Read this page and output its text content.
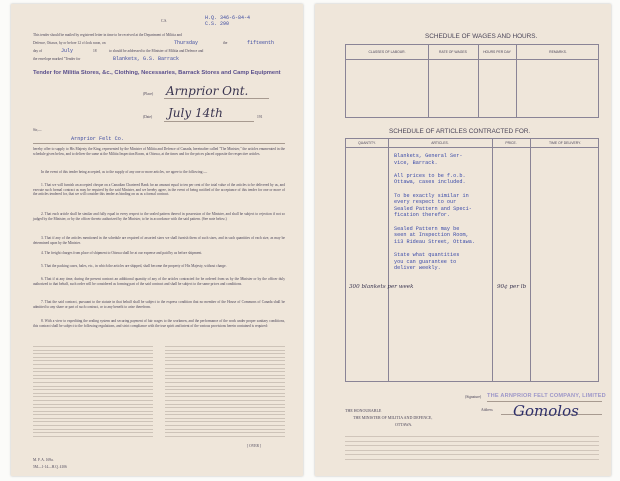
C.S.	H.Q. 346-6-84-4
C.S. 290
This tender should be mailed by registered letter in time to be received at the Department of Militia and
Defence, Ottawa, by or before 12 o'clock noon, on	Thursday	the	fifteenth
day of	July	18	to should be addressed to the Minister of Militia and Defence and
the envelope marked "Tender for	Blankets, G.S. Barrack
Tender for Militia Stores, &c., Clothing, Necessaries, Barrack Stores and Camp Equipment
(Place) Arnprior Ont.
(Date) July 14th	191
Sir,—
Arnprior Felt Co.

hereby offer to supply to His Majesty the King, represented by the Minister of Militia and Defence of Canada, hereinafter called "The Minister," the articles enumerated in the schedule given below, and to deliver the same at the Militia Inspection Room, at Ottawa, at the times and for the prices placed opposite the respective articles.

In the event of this tender being accepted, as to the supply of any one or more articles, we agree to the following:—

1. That we will furnish an accepted cheque on a Canadian Chartered Bank for an amount equal to ten per cent of the total value of the articles to be delivered by us, and execute such formal contract as may be required by the said Minister, and we hereby agree, in the event of being notified of the acceptance of this tender for one or more of the articles tendered for, that we will consider this tender as binding on us as a formal contract.

2. That each article shall be similar and fully equal in every respect to the sealed pattern thereof in possession of the Minister, and shall be subject to rejection if not so judged by the Minister, or by the officer thereto authorized by the Minister, to be in accordance with the said pattern. (See note below.)

3. That if any of the articles mentioned in the schedule are required of assorted sizes we shall furnish them of such sizes, and in such quantities of each size, as may be determined upon by the Minister.

4. The freight charges from place of shipment to Ottawa shall be at our expense and paid by us before shipment.

5. That the packing cases, bales, etc., in which the articles are shipped, shall become the property of His Majesty, without charge.

6. That if at any time, during the present contract an additional quantity of any of the articles contracted for be ordered from us by the Minister or by the officer duly authorized to that behalf, such order will be considered as forming part of the said contract and shall be subject to the same prices and conditions.

7. That the said contract, pursuant to the statute in that behalf shall be subject to the express condition that no member of the House of Commons of Canada shall be admitted to any share or part of such contract, or to any benefit to arise therefrom.

8. With a view to expediting the sealing system and securing payment of fair wages to the workmen, and the performance of the work under proper sanitary conditions, this contract shall be subject to the following regulations, and strict compliance with the true spirit and intent of the various provisions herein contained is required:

[ OVER ]
M. F. A. 169a.
5M—1-14—H.Q. 4106
SCHEDULE OF WAGES AND HOURS.
CLASSES OF LABOUR.	RATE OF WAGES	HOURS PER DAY	REMARKS.
SCHEDULE OF ARTICLES CONTRACTED FOR.
QUANTITY.	ARTICLES.	PRICE.	TIME OF DELIVERY.
Blankets, General Ser-
vice, Barrack.

All prices to be f.o.b.
Ottawa, cases included.

To be exactly similar in
every respect to our
Sealed Pattern and Speci-
fication therefor.

Sealed Pattern may be
seen at Inspection Room,
113 Rideau Street, Ottawa.

State what quantities
you can guarantee to
deliver weekly.
300 blankets per week	90¢ per lb
(Signature) THE ARNPRIOR FELT COMPANY, LIMITED
Address Gomolos
THE HONOURABLE
THE MINISTER OF MILITIA AND DEFENCE,
OTTAWA.
